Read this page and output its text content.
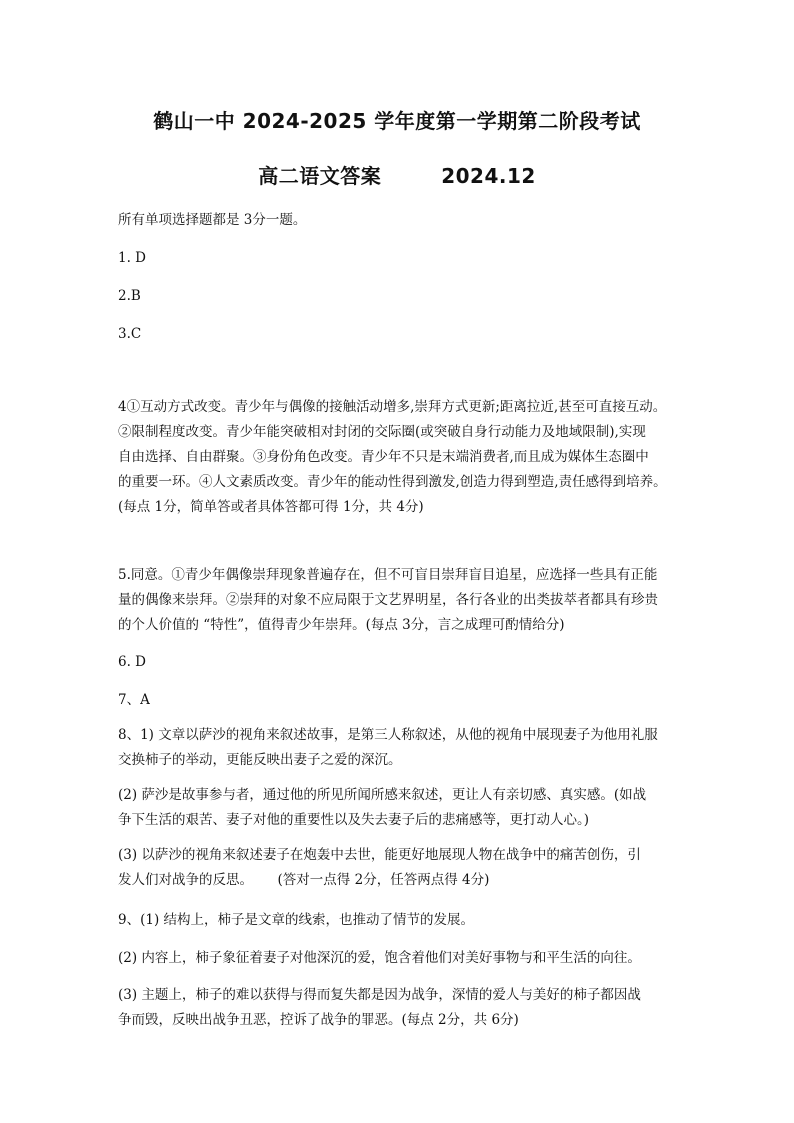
鹤山一中 2024-2025 学年度第一学期第二阶段考试
高二语文答案	2024.12

所有单项选择题都是 3分一题。

1. D

2.B

3.C

4①互动方式改变。青少年与偶像的接触活动增多,崇拜方式更新;距离拉近,甚至可直接互动。
②限制程度改变。青少年能突破相对封闭的交际圈(或突破自身行动能力及地域限制),实现
自由选择、自由群聚。③身份角色改变。青少年不只是末端消费者,而且成为媒体生态圈中
的重要一环。④人文素质改变。青少年的能动性得到激发,创造力得到塑造,责任感得到培养。
(每点 1分，简单答或者具体答都可得 1分，共 4分)
5.同意。①青少年偶像崇拜现象普遍存在，但不可盲目崇拜盲目追星，应选择一些具有正能
量的偶像来崇拜。②崇拜的对象不应局限于文艺界明星，各行各业的出类拔萃者都具有珍贵
的个人价值的 “特性”，值得青少年崇拜。(每点 3分，言之成理可酌情给分)

6. D

7、A

8、1) 文章以萨沙的视角来叙述故事，是第三人称叙述，从他的视角中展现妻子为他用礼服
交换柿子的举动，更能反映出妻子之爱的深沉。
(2) 萨沙是故事参与者，通过他的所见所闻所感来叙述，更让人有亲切感、真实感。(如战
争下生活的艰苦、妻子对他的重要性以及失去妻子后的悲痛感等，更打动人心。)
(3) 以萨沙的视角来叙述妻子在炮轰中去世，能更好地展现人物在战争中的痛苦创伤，引
发人们对战争的反思。　　 (答对一点得 2分，任答两点得 4分)

9、(1) 结构上，柿子是文章的线索，也推动了情节的发展。

(2) 内容上，柿子象征着妻子对他深沉的爱，饱含着他们对美好事物与和平生活的向往。

(3) 主题上，柿子的难以获得与得而复失都是因为战争，深情的爱人与美好的柿子都因战
争而毁，反映出战争丑恶，控诉了战争的罪恶。(每点 2分，共 6分)
